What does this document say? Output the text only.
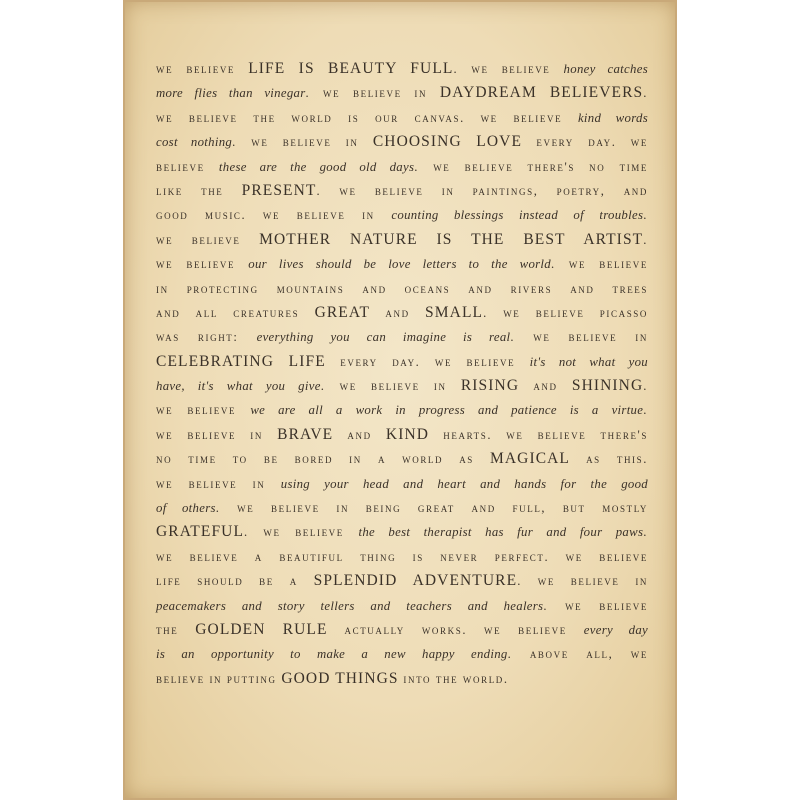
we believe LIFE IS BEAUTY FULL. we believe honey catches
more flies than vinegar. we believe in DAYDREAM BELIEVERS.
we believe the world is our canvas. we believe kind words
cost nothing. we believe in CHOOSING LOVE every day. we
believe these are the good old days. we believe there's no time
like the PRESENT. we believe in paintings, poetry, and
good music. we believe in counting blessings instead of troubles.
we believe MOTHER NATURE IS THE BEST ARTIST.
we believe our lives should be love letters to the world. we believe
in protecting mountains and oceans and rivers and trees
and all creatures GREAT and SMALL. we believe picasso
was right: everything you can imagine is real. we believe in
CELEBRATING LIFE every day. we believe it's not what you
have, it's what you give. we believe in RISING and SHINING.
we believe we are all a work in progress and patience is a virtue.
we believe in BRAVE and KIND hearts. we believe there's
no time to be bored in a world as MAGICAL as this.
we believe in using your head and heart and hands for the good
of others. we believe in being great and full, but mostly
GRATEFUL. we believe the best therapist has fur and four paws.
we believe a beautiful thing is never perfect. we believe
life should be a SPLENDID ADVENTURE. we believe in
peacemakers and story tellers and teachers and healers. we believe
the GOLDEN RULE actually works. we believe every day
is an opportunity to make a new happy ending. above all, we
believe in putting GOOD THINGS into the world.
